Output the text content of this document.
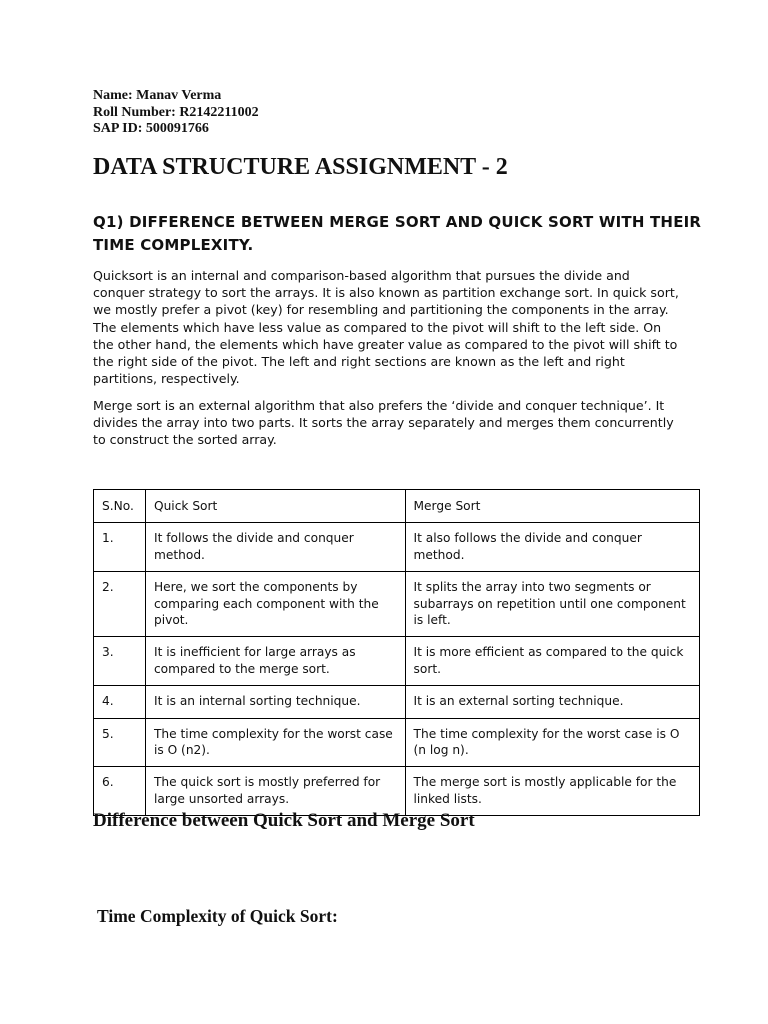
Name: Manav Verma
Roll Number: R2142211002
SAP ID: 500091766
DATA STRUCTURE ASSIGNMENT - 2
Q1) DIFFERENCE BETWEEN MERGE SORT AND QUICK SORT WITH THEIR TIME COMPLEXITY.

Quicksort is an internal and comparison-based algorithm that pursues the divide and conquer strategy to sort the arrays. It is also known as partition exchange sort. In quick sort, we mostly prefer a pivot (key) for resembling and partitioning the components in the array. The elements which have less value as compared to the pivot will shift to the left side. On the other hand, the elements which have greater value as compared to the pivot will shift to the right side of the pivot. The left and right sections are known as the left and right partitions, respectively.

Merge sort is an external algorithm that also prefers the ‘divide and conquer technique’. It divides the array into two parts. It sorts the array separately and merges them concurrently to construct the sorted array.

S.No.	Quick Sort	Merge Sort
1.	It follows the divide and conquer method.	It also follows the divide and conquer method.
2.	Here, we sort the components by comparing each component with the pivot.	It splits the array into two segments or subarrays on repetition until one component is left.
3.	It is inefficient for large arrays as compared to the merge sort.	It is more efficient as compared to the quick sort.
4.	It is an internal sorting technique.	It is an external sorting technique.
5.	The time complexity for the worst case is O (n2).	The time complexity for the worst case is O (n log n).
6.	The quick sort is mostly preferred for large unsorted arrays.	The merge sort is mostly applicable for the linked lists.
Difference between Quick Sort and Merge Sort
Time Complexity of Quick Sort:
